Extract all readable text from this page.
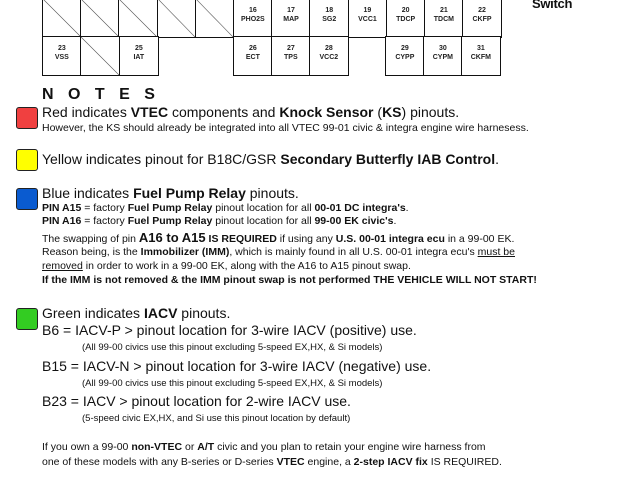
16
PHO2S
17
MAP
18
SG2
19
VCC1
20
TDCP
21
TDCM
22
CKFP
23
VSS
25
IAT
26
ECT
27
TPS
28
VCC2
29
CYPP
30
CYPM
31
CKFM
Switch
N O T E S
Red indicates VTEC components and Knock Sensor (KS) pinouts.
However, the KS should already be integrated into all VTEC 99-01 civic & integra engine wire harnesess.
Yellow indicates pinout for B18C/GSR Secondary Butterfly IAB Control.
Blue indicates Fuel Pump Relay pinouts.
PIN A15 = factory Fuel Pump Relay pinout location for all 00-01 DC integra's.
PIN A16 = factory Fuel Pump Relay pinout location for all 99-00 EK civic's.
The swapping of pin A16 to A15 IS REQUIRED if using any U.S. 00-01 integra ecu in a 99-00 EK.
Reason being, is the Immobilizer (IMM), which is mainly found in all U.S. 00-01 integra ecu's must be
removed in order to work in a 99-00 EK, along with the A16 to A15 pinout swap.
If the IMM is not removed & the IMM pinout swap is not performed THE VEHICLE WILL NOT START!
Green indicates IACV pinouts.
B6 = IACV-P > pinout location for 3-wire IACV (positive) use.
(All 99-00 civics use this pinout excluding 5-speed EX,HX, & Si models)
B15 = IACV-N > pinout location for 3-wire IACV (negative) use.
(All 99-00 civics use this pinout excluding 5-speed EX,HX, & Si models)
B23 = IACV > pinout location for 2-wire IACV use.
(5-speed civic EX,HX, and Si use this pinout location by default)
If you own a 99-00 non-VTEC or A/T civic and you plan to retain your engine wire harness from
one of these models with any B-series or D-series VTEC engine, a 2-step IACV fix IS REQUIRED.
